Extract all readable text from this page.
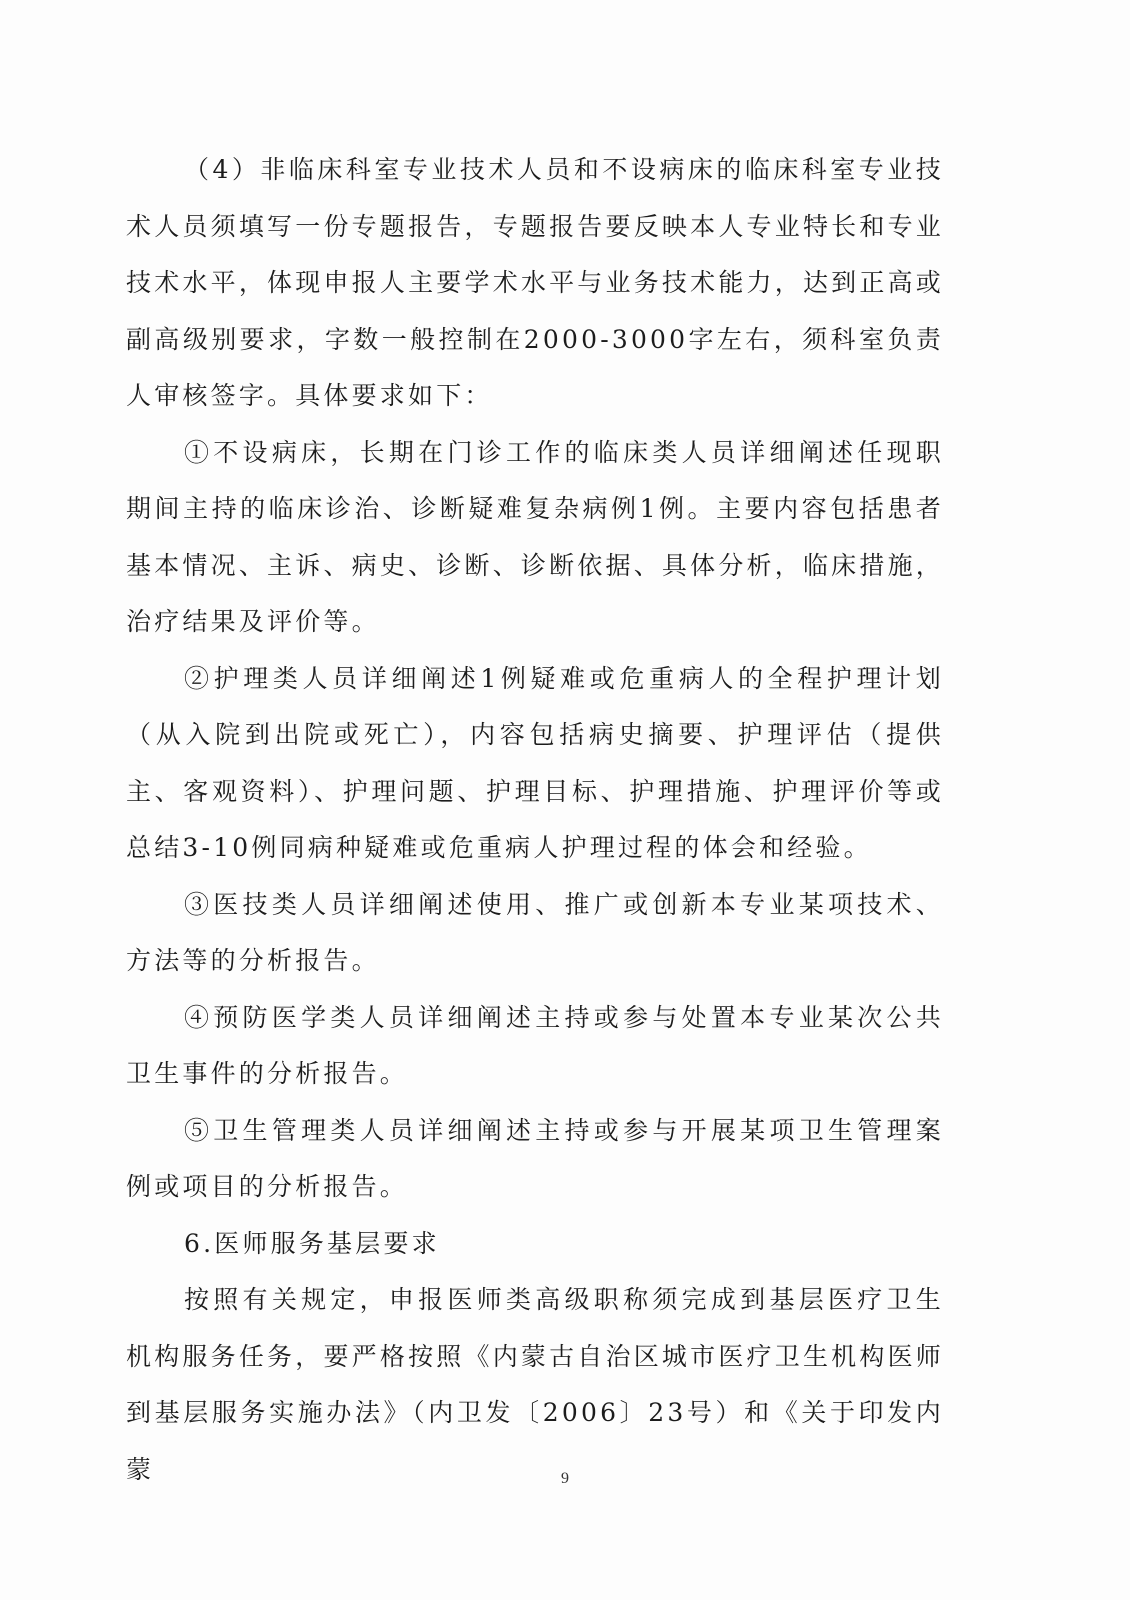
（4）非临床科室专业技术人员和不设病床的临床科室专业技术人员须填写一份专题报告，专题报告要反映本人专业特长和专业技术水平，体现申报人主要学术水平与业务技术能力，达到正高或副高级别要求，字数一般控制在2000-3000字左右，须科室负责人审核签字。具体要求如下：

①不设病床，长期在门诊工作的临床类人员详细阐述任现职期间主持的临床诊治、诊断疑难复杂病例1例。主要内容包括患者基本情况、主诉、病史、诊断、诊断依据、具体分析，临床措施，治疗结果及评价等。

②护理类人员详细阐述1例疑难或危重病人的全程护理计划（从入院到出院或死亡），内容包括病史摘要、护理评估（提供主、客观资料）、护理问题、护理目标、护理措施、护理评价等或总结3-10例同病种疑难或危重病人护理过程的体会和经验。

③医技类人员详细阐述使用、推广或创新本专业某项技术、方法等的分析报告。

④预防医学类人员详细阐述主持或参与处置本专业某次公共卫生事件的分析报告。

⑤卫生管理类人员详细阐述主持或参与开展某项卫生管理案例或项目的分析报告。

6.医师服务基层要求

按照有关规定，申报医师类高级职称须完成到基层医疗卫生机构服务任务，要严格按照《内蒙古自治区城市医疗卫生机构医师到基层服务实施办法》（内卫发〔2006〕23号）和《关于印发内蒙	9
